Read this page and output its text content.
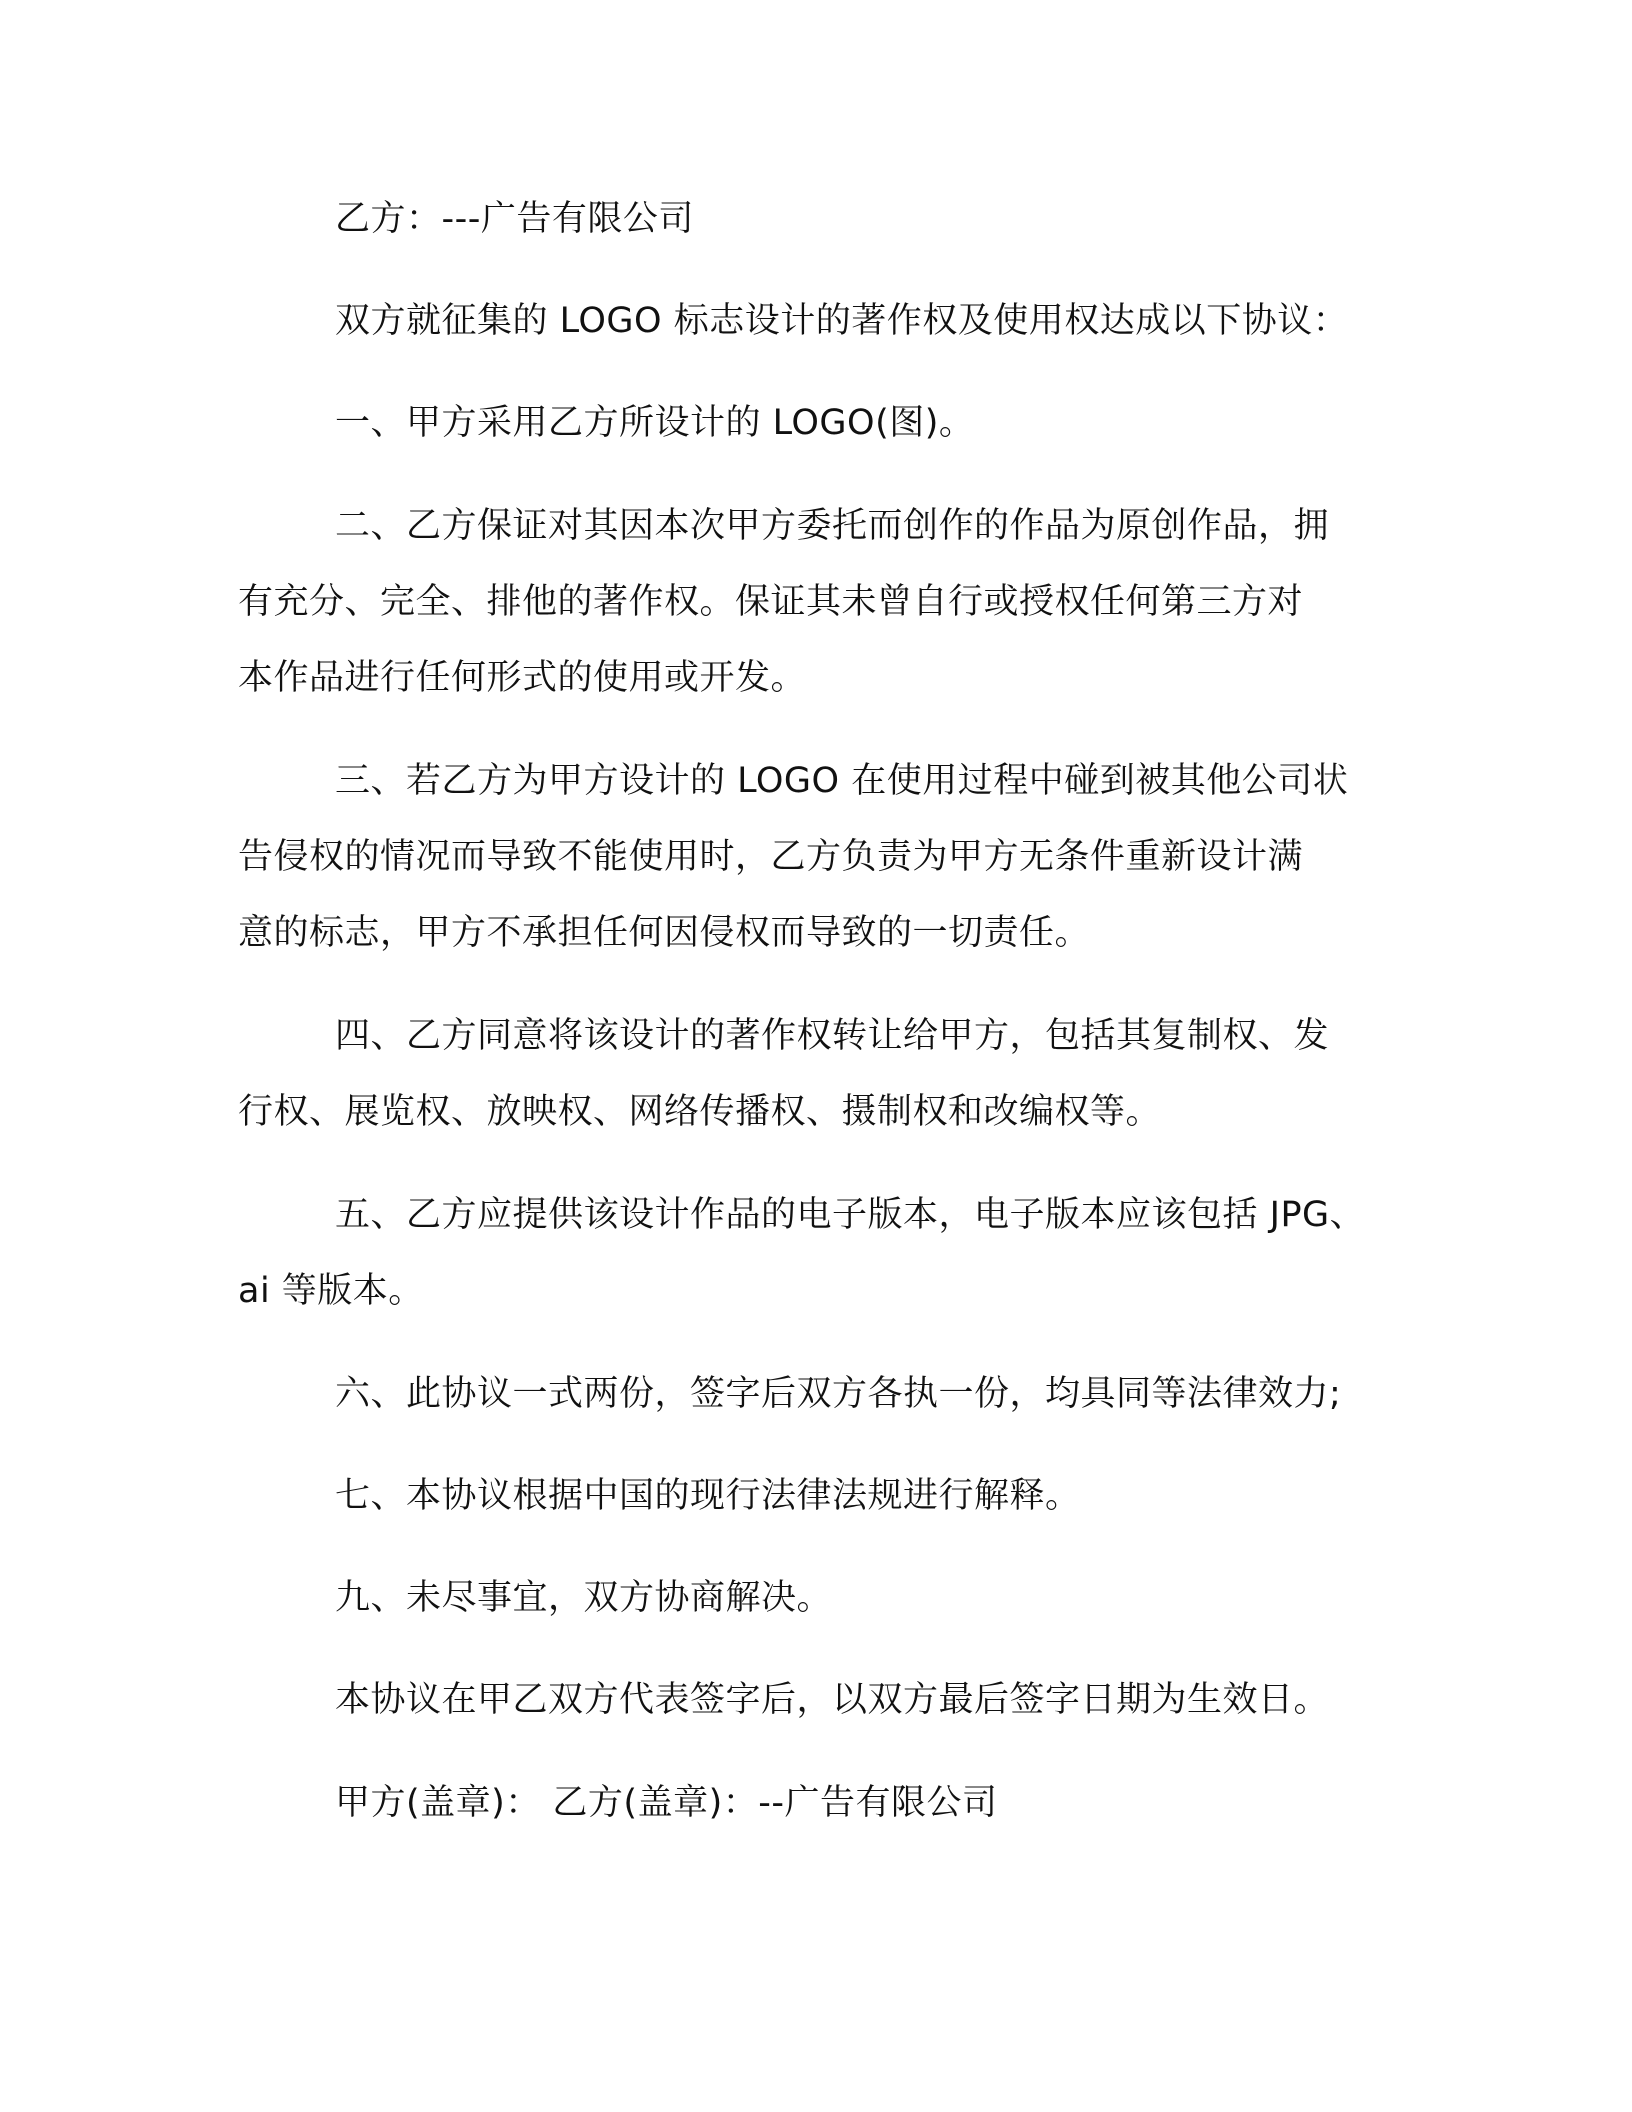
乙方：---广告有限公司
双方就征集的 LOGO 标志设计的著作权及使用权达成以下协议：
一、甲方采用乙方所设计的 LOGO(图)。
二、乙方保证对其因本次甲方委托而创作的作品为原创作品，拥
有充分、完全、排他的著作权。保证其未曾自行或授权任何第三方对
本作品进行任何形式的使用或开发。
三、若乙方为甲方设计的 LOGO 在使用过程中碰到被其他公司状
告侵权的情况而导致不能使用时，乙方负责为甲方无条件重新设计满
意的标志，甲方不承担任何因侵权而导致的一切责任。
四、乙方同意将该设计的著作权转让给甲方，包括其复制权、发
行权、展览权、放映权、网络传播权、摄制权和改编权等。
五、乙方应提供该设计作品的电子版本，电子版本应该包括 JPG、
ai 等版本。
六、此协议一式两份，签字后双方各执一份，均具同等法律效力;
七、本协议根据中国的现行法律法规进行解释。
九、未尽事宜，双方协商解决。
本协议在甲乙双方代表签字后，以双方最后签字日期为生效日。
甲方(盖章)： 乙方(盖章)：--广告有限公司
